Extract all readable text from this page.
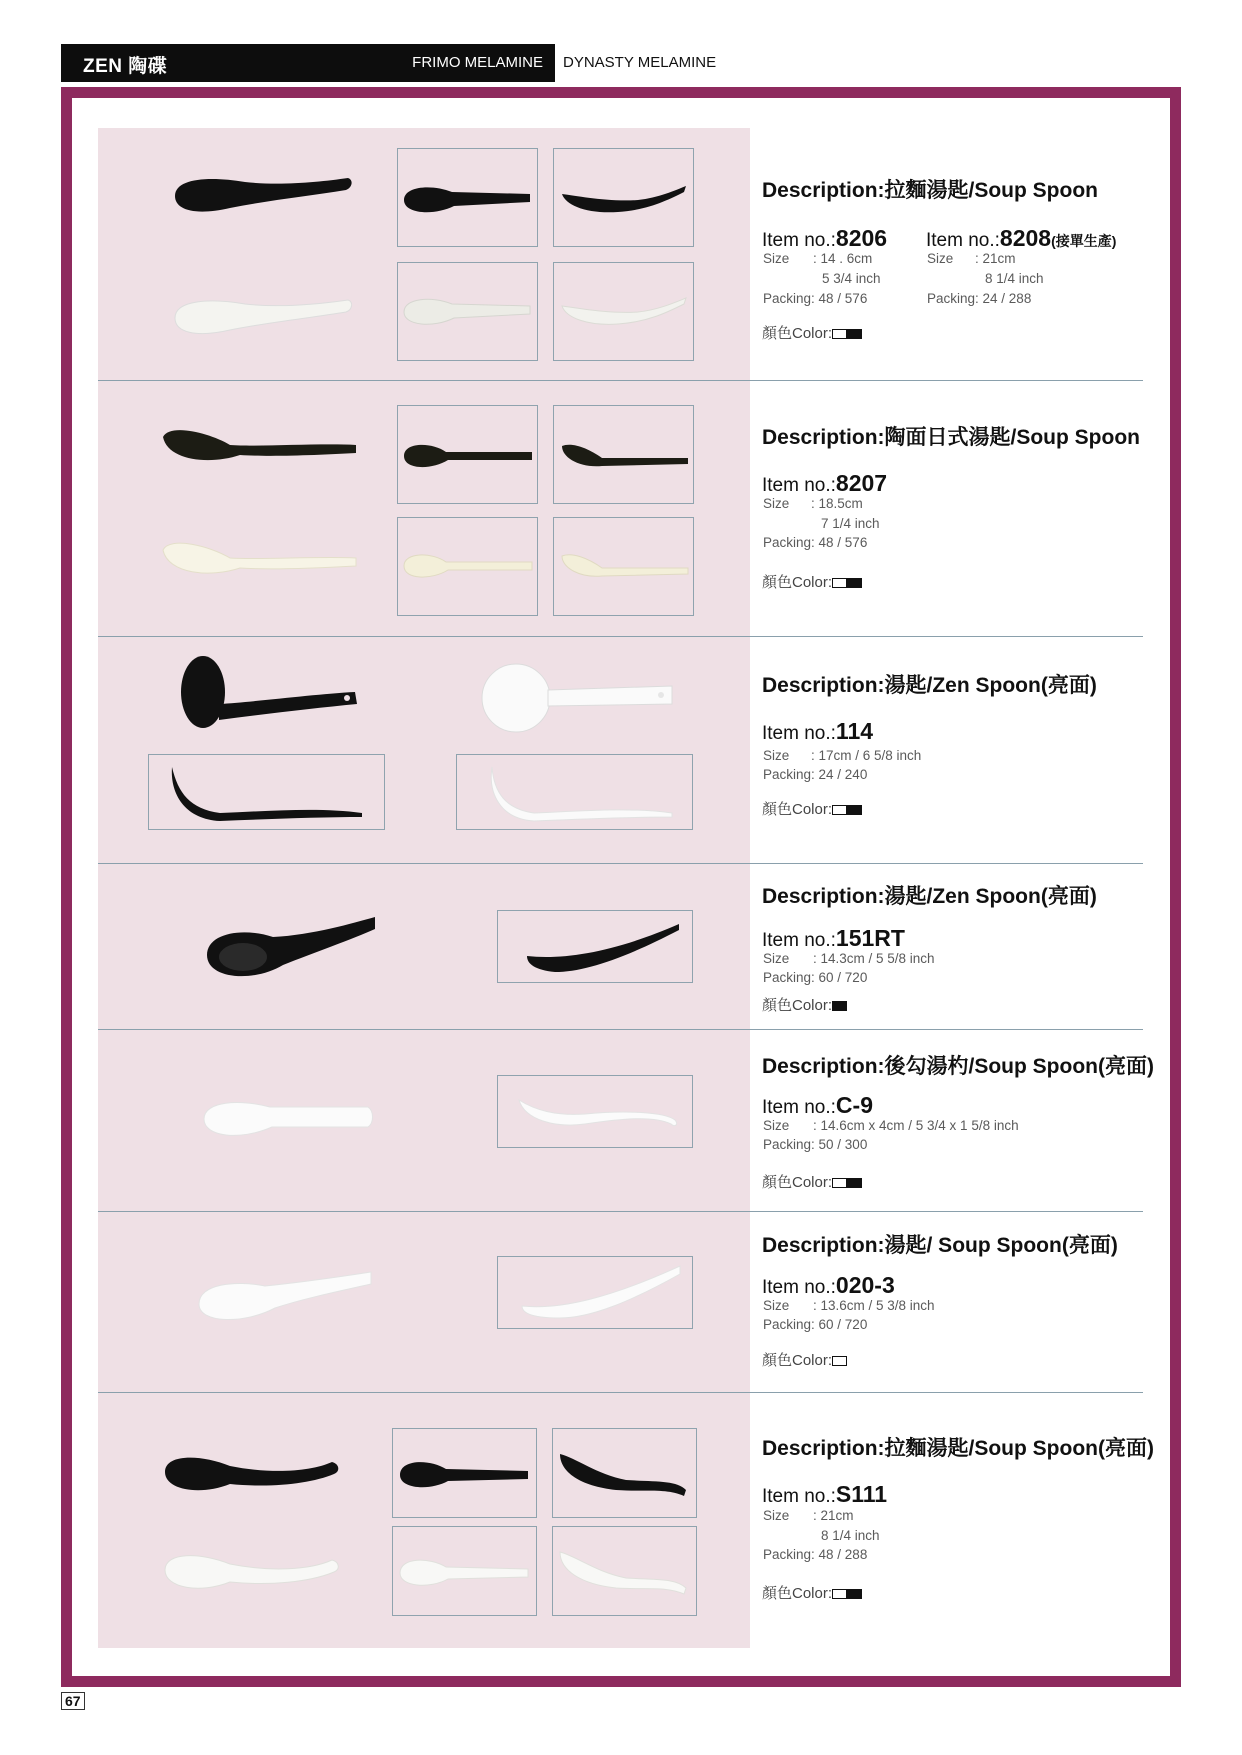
ZEN 陶碟	FRIMO MELAMINE DYNASTY MELAMINE
Description:拉麵湯匙/Soup Spoon
Item no.:8206
Size : 14 . 6cm
5 3/4 inch
Packing: 48 / 576
Item no.:8208(接單生產)
Size : 21cm
8 1/4 inch
Packing: 24 / 288
顏色Color:
Description:陶面日式湯匙/Soup Spoon
Item no.:8207
Size : 18.5cm
7 1/4 inch
Packing: 48 / 576
顏色Color:
Description:湯匙/Zen Spoon(亮面)
Item no.:114
Size : 17cm / 6 5/8 inch
Packing: 24 / 240
顏色Color:
Description:湯匙/Zen Spoon(亮面)
Item no.:151RT
Size : 14.3cm / 5 5/8 inch
Packing: 60 / 720
顏色Color:
Description:後勾湯杓/Soup Spoon(亮面)
Item no.:C-9
Size : 14.6cm x 4cm / 5 3/4 x 1 5/8 inch
Packing: 50 / 300
顏色Color:
Description:湯匙/ Soup Spoon(亮面)
Item no.:020-3
Size : 13.6cm / 5 3/8 inch
Packing: 60 / 720
顏色Color:
Description:拉麵湯匙/Soup Spoon(亮面)
Item no.:S111
Size : 21cm
8 1/4 inch
Packing: 48 / 288
顏色Color:
67
